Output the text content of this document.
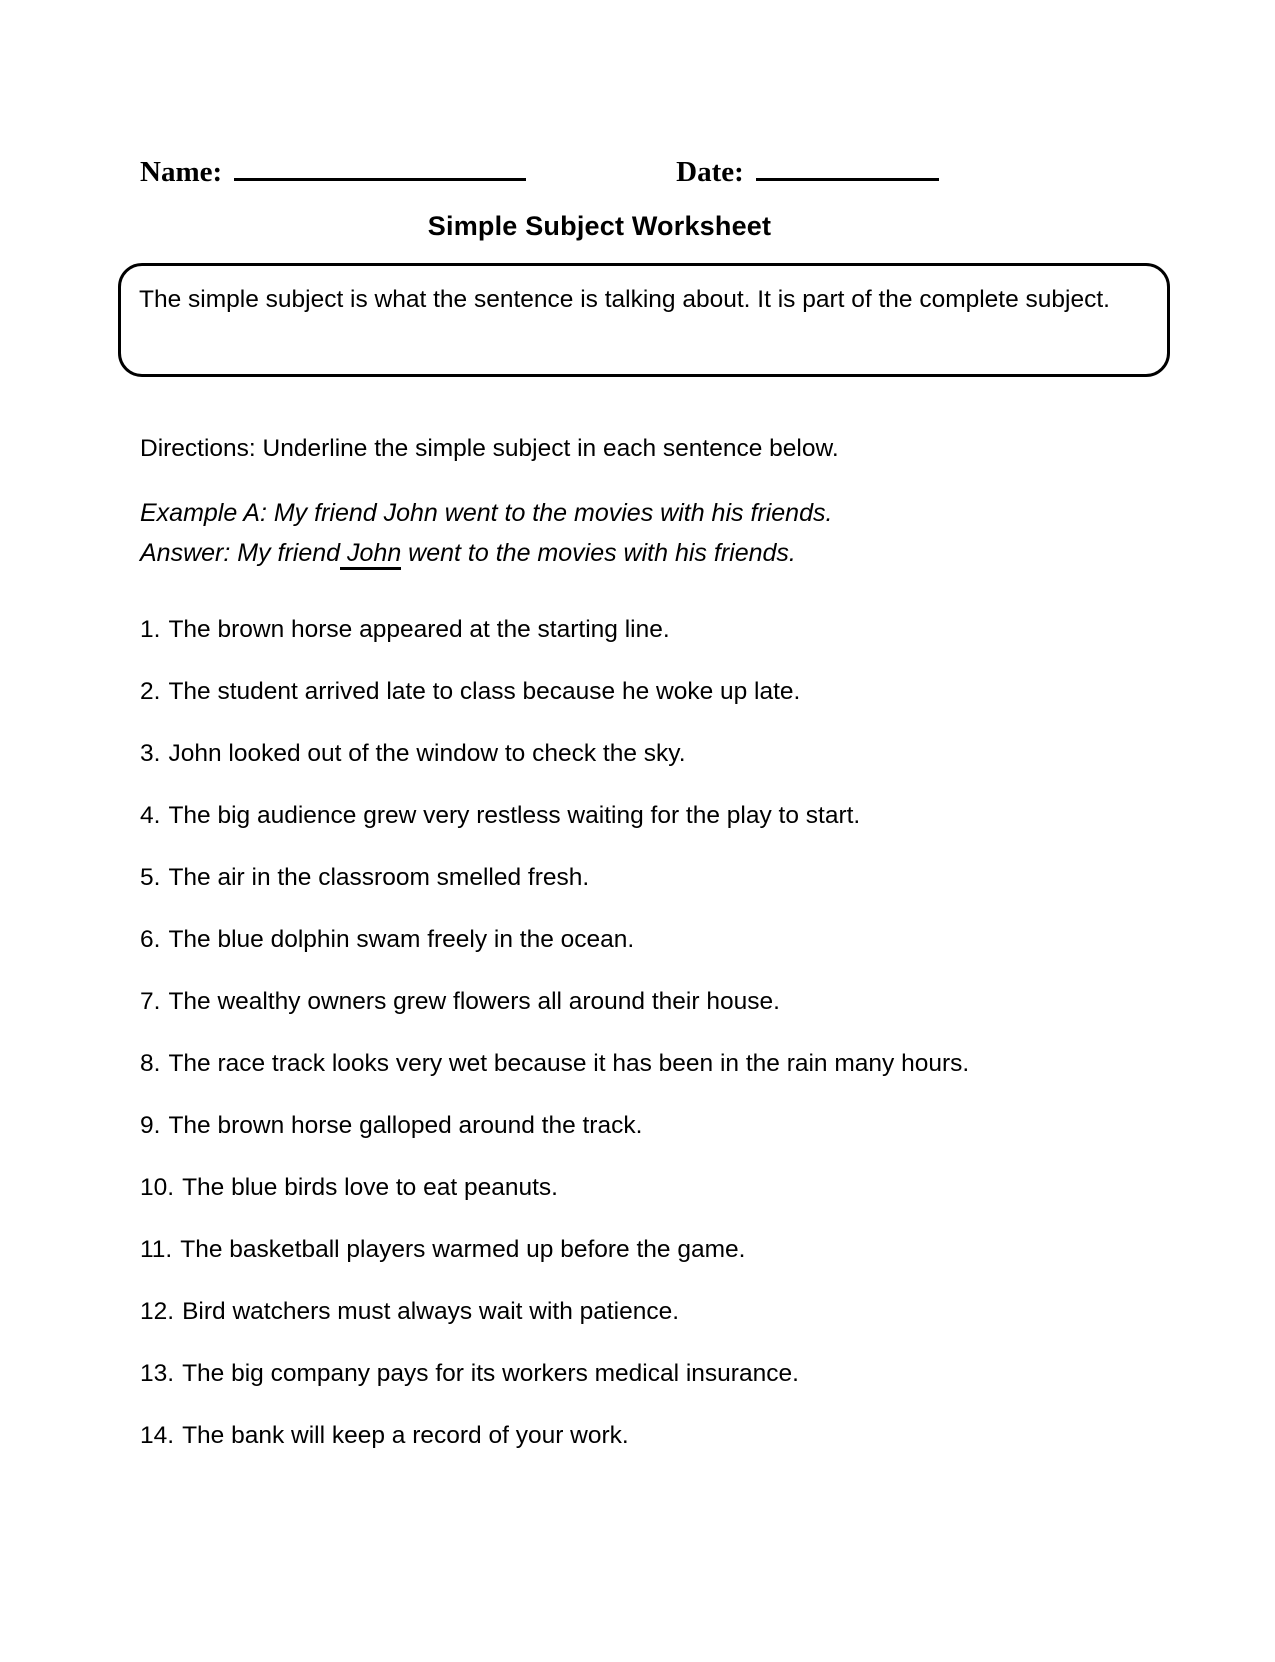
Name:	Date:
Simple Subject Worksheet
The simple subject is what the sentence is talking about. It is part of the complete subject.
Directions: Underline the simple subject in each sentence below.
Example A: My friend John went to the movies with his friends.
Answer: My friend John went to the movies with his friends.

1. The brown horse appeared at the starting line.

2. The student arrived late to class because he woke up late.

3. John looked out of the window to check the sky.

4. The big audience grew very restless waiting for the play to start.

5. The air in the classroom smelled fresh.

6. The blue dolphin swam freely in the ocean.

7. The wealthy owners grew flowers all around their house.

8. The race track looks very wet because it has been in the rain many hours.

9. The brown horse galloped around the track.

10. The blue birds love to eat peanuts.

11. The basketball players warmed up before the game.

12. Bird watchers must always wait with patience.

13. The big company pays for its workers medical insurance.

14. The bank will keep a record of your work.
